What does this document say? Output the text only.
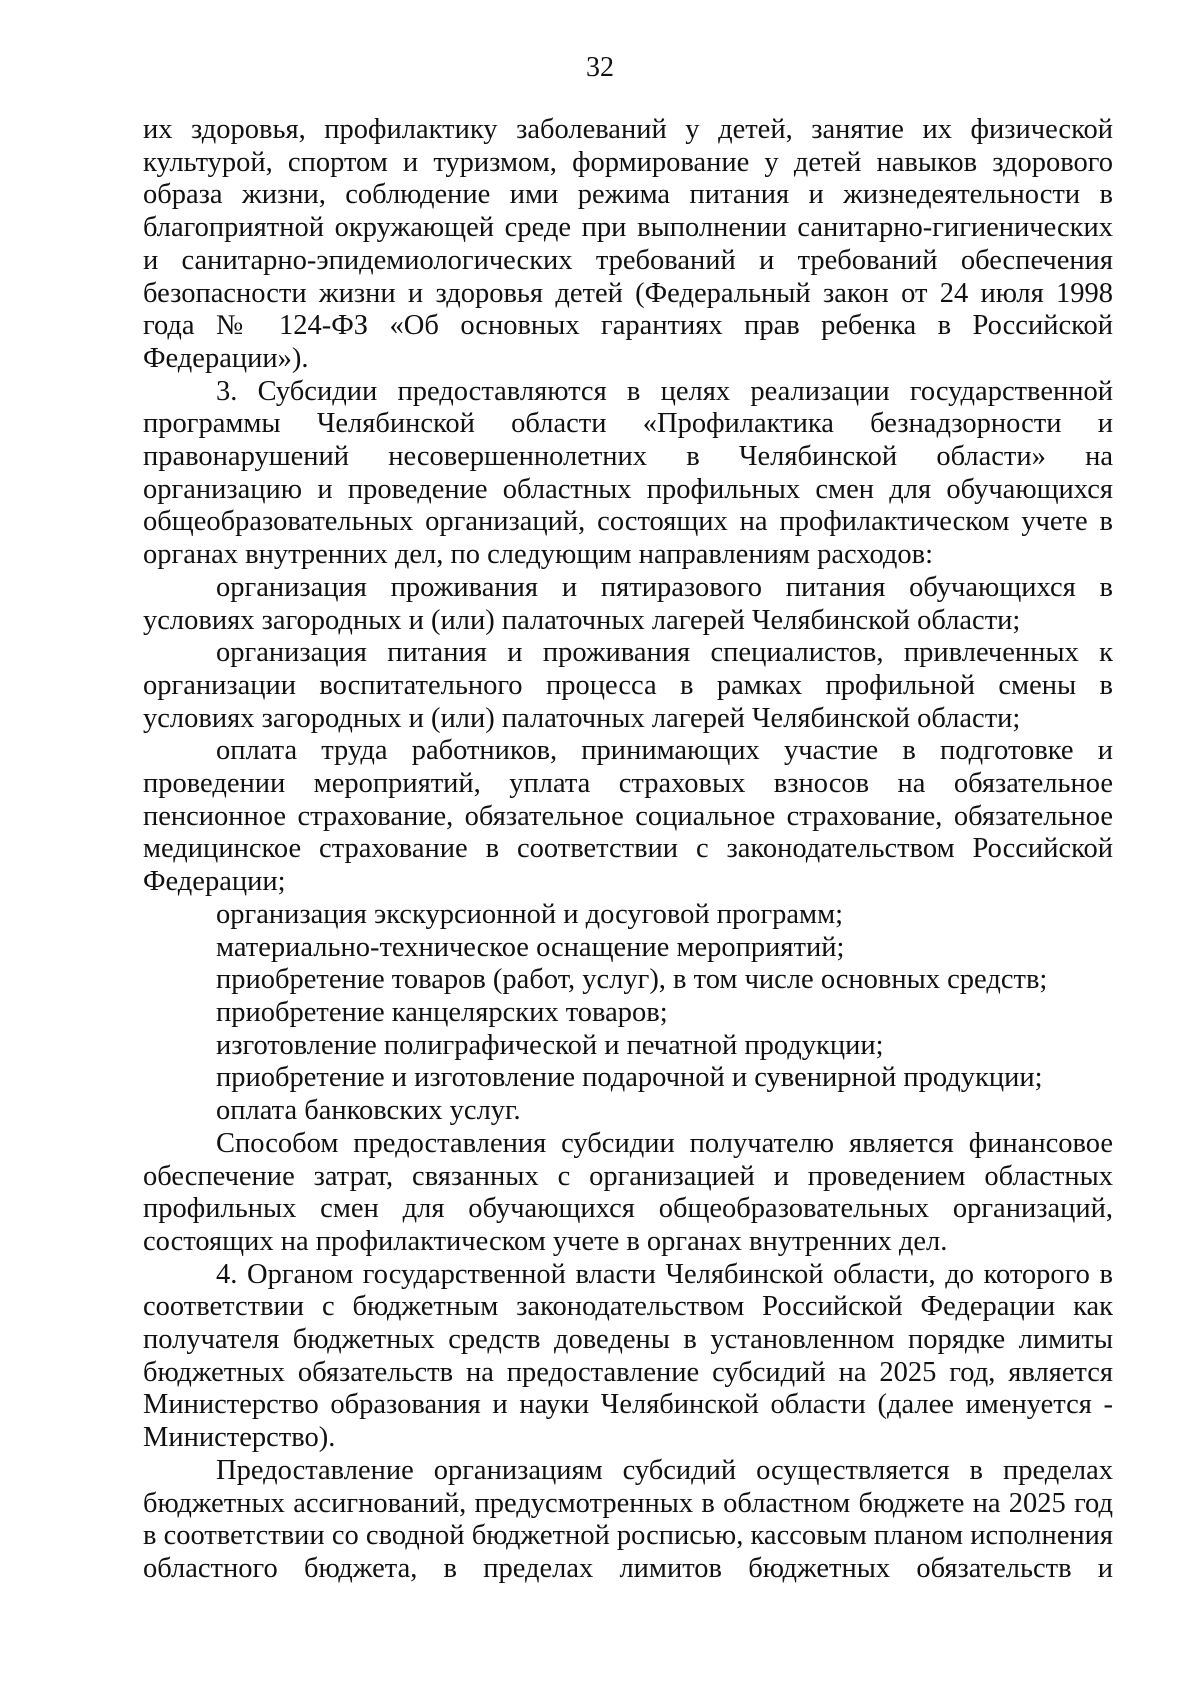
32

их здоровья, профилактику заболеваний у детей, занятие их физической культурой, спортом и туризмом, формирование у детей навыков здорового образа жизни, соблюдение ими режима питания и жизнедеятельности в благоприятной окружающей среде при выполнении санитарно-гигиенических и санитарно-эпидемиологических требований и требований обеспечения безопасности жизни и здоровья детей (Федеральный закон от 24 июля 1998 года № 124-ФЗ «Об основных гарантиях прав ребенка в Российской Федерации»).

3. Субсидии предоставляются в целях реализации государственной программы Челябинской области «Профилактика безнадзорности и правонарушений несовершеннолетних в Челябинской области» на организацию и проведение областных профильных смен для обучающихся общеобразовательных организаций, состоящих на профилактическом учете в органах внутренних дел, по следующим направлениям расходов:

организация проживания и пятиразового питания обучающихся в условиях загородных и (или) палаточных лагерей Челябинской области;

организация питания и проживания специалистов, привлеченных к организации воспитательного процесса в рамках профильной смены в условиях загородных и (или) палаточных лагерей Челябинской области;

оплата труда работников, принимающих участие в подготовке и проведении мероприятий, уплата страховых взносов на обязательное пенсионное страхование, обязательное социальное страхование, обязательное медицинское страхование в соответствии с законодательством Российской Федерации;

организация экскурсионной и досуговой программ;

материально-техническое оснащение мероприятий;

приобретение товаров (работ, услуг), в том числе основных средств;

приобретение канцелярских товаров;

изготовление полиграфической и печатной продукции;

приобретение и изготовление подарочной и сувенирной продукции;

оплата банковских услуг.

Способом предоставления субсидии получателю является финансовое обеспечение затрат, связанных с организацией и проведением областных профильных смен для обучающихся общеобразовательных организаций, состоящих на профилактическом учете в органах внутренних дел.

4. Органом государственной власти Челябинской области, до которого в соответствии с бюджетным законодательством Российской Федерации как получателя бюджетных средств доведены в установленном порядке лимиты бюджетных обязательств на предоставление субсидий на 2025 год, является Министерство образования и науки Челябинской области (далее именуется - Министерство).

Предоставление организациям субсидий осуществляется в пределах бюджетных ассигнований, предусмотренных в областном бюджете на 2025 год в соответствии со сводной бюджетной росписью, кассовым планом исполнения областного бюджета, в пределах лимитов бюджетных обязательств и
